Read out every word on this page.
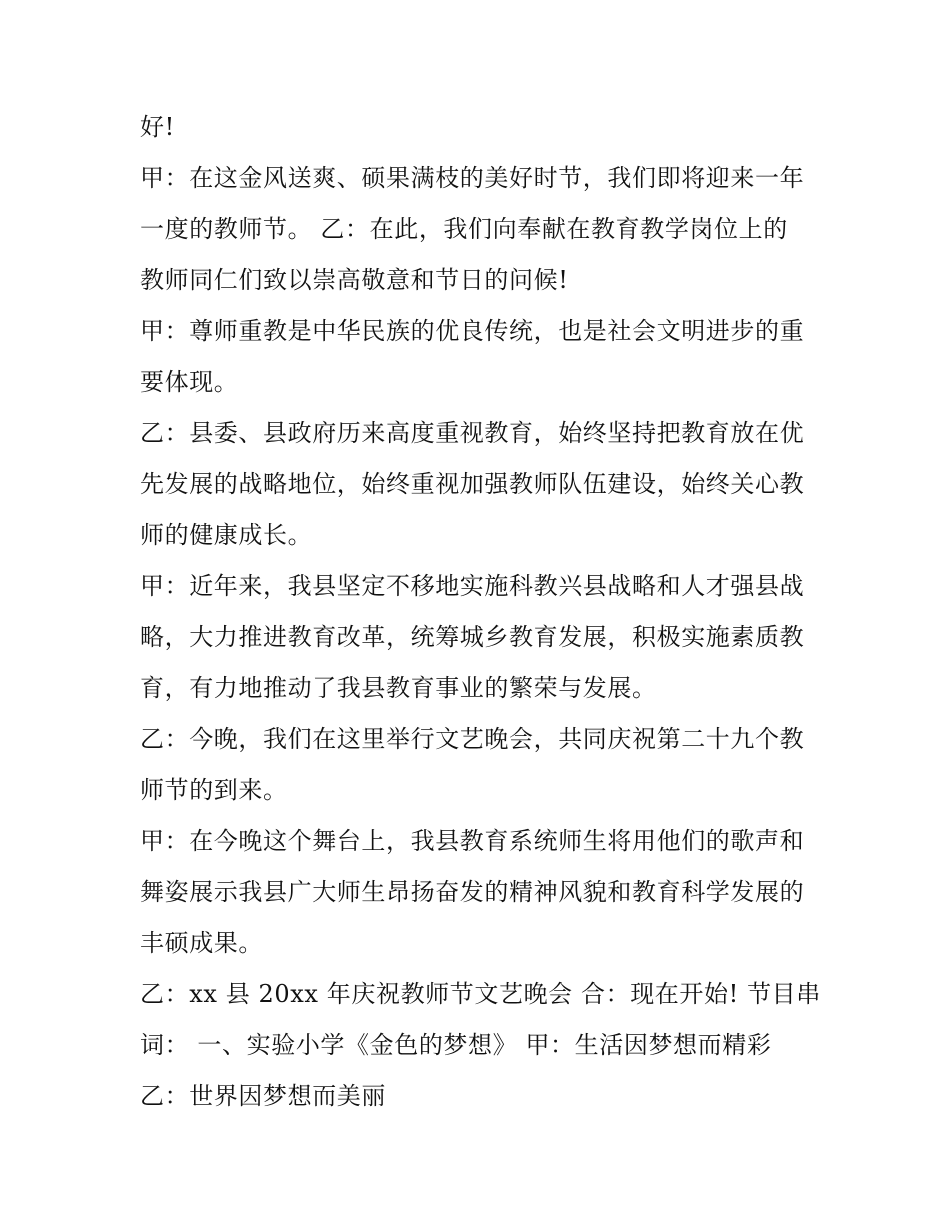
好!
甲：在这金风送爽、硕果满枝的美好时节，我们即将迎来一年
一度的教师节。 乙：在此，我们向奉献在教育教学岗位上的
教师同仁们致以崇高敬意和节日的问候!
甲：尊师重教是中华民族的优良传统，也是社会文明进步的重
要体现。
乙：县委、县政府历来高度重视教育，始终坚持把教育放在优
先发展的战略地位，始终重视加强教师队伍建设，始终关心教
师的健康成长。
甲：近年来，我县坚定不移地实施科教兴县战略和人才强县战
略，大力推进教育改革，统筹城乡教育发展，积极实施素质教
育，有力地推动了我县教育事业的繁荣与发展。
乙：今晚，我们在这里举行文艺晚会，共同庆祝第二十九个教
师节的到来。
甲：在今晚这个舞台上，我县教育系统师生将用他们的歌声和
舞姿展示我县广大师生昂扬奋发的精神风貌和教育科学发展的
丰硕成果。
乙：xx 县 20xx 年庆祝教师节文艺晚会 合：现在开始! 节目串
词： 一、实验小学《金色的梦想》 甲：生活因梦想而精彩
乙：世界因梦想而美丽
